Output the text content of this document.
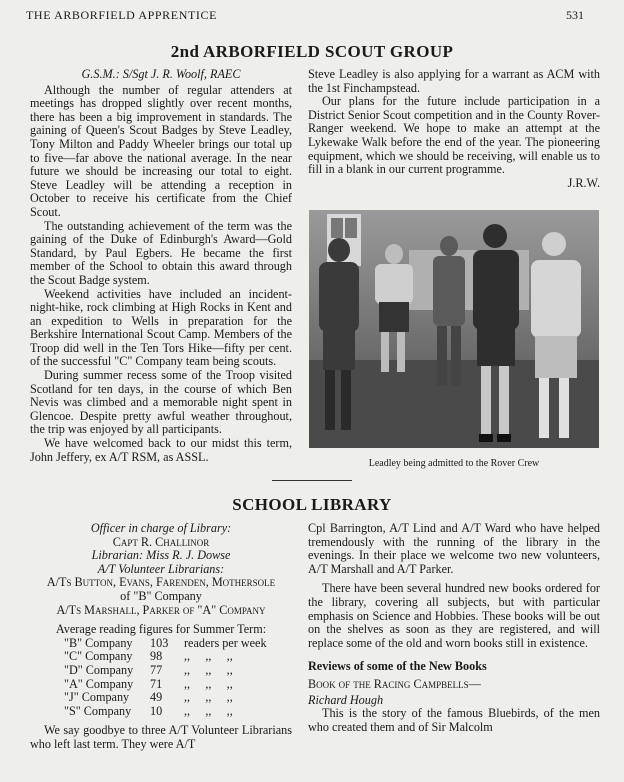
THE ARBORFIELD APPRENTICE	531
2nd ARBORFIELD SCOUT GROUP
G.S.M.: S/Sgt J. R. Woolf, RAEC

Although the number of regular attenders at meetings has dropped slightly over recent months, there has been a big improvement in standards. The gaining of Queen's Scout Badges by Steve Leadley, Tony Milton and Paddy Wheeler brings our total up to five—far above the national average. In the near future we should be increasing our total to eight. Steve Leadley will be attending a reception in October to receive his certificate from the Chief Scout.

The outstanding achievement of the term was the gaining of the Duke of Edinburgh's Award—Gold Standard, by Paul Egbers. He became the first member of the School to obtain this award through the Scout Badge system.

Weekend activities have included an incident-night-hike, rock climbing at High Rocks in Kent and an expedition to Wells in preparation for the Berkshire International Scout Camp. Members of the Troop did well in the Ten Tors Hike—fifty per cent. of the successful "C" Company team being scouts.

During summer recess some of the Troop visited Scotland for ten days, in the course of which Ben Nevis was climbed and a memorable night spent in Glencoe. Despite pretty awful weather throughout, the trip was enjoyed by all participants.

We have welcomed back to our midst this term, John Jeffery, ex A/T RSM, as ASSL.

Steve Leadley is also applying for a warrant as ACM with the 1st Finchampstead.

Our plans for the future include participation in a District Senior Scout competition and in the County Rover-Ranger weekend. We hope to make an attempt at the Lykewake Walk before the end of the year. The pioneering equipment, which we should be receiving, will enable us to fill in a blank in our current programme.

J.R.W.
Leadley being admitted to the Rover Crew
SCHOOL LIBRARY
Officer in charge of Library:
Capt R. Challinor
Librarian: Miss R. J. Dowse
A/T Volunteer Librarians:
A/Ts Button, Evans, Farenden, Mothersole
of "B" Company
A/Ts Marshall, Parker of "A" Company
Average reading figures for Summer Term:
"B" Company	103	readers per week
"C" Company	98	,,     ,,     ,,
"D" Company	77	,,     ,,     ,,
"A" Company	71	,,     ,,     ,,
"J" Company	49	,,     ,,     ,,
"S" Company	10	,,     ,,     ,,

We say goodbye to three A/T Volunteer Librarians who left last term. They were A/T

Cpl Barrington, A/T Lind and A/T Ward who have helped tremendously with the running of the library in the evenings. In their place we welcome two new volunteers, A/T Marshall and A/T Parker.

There have been several hundred new books ordered for the library, covering all subjects, but with particular emphasis on Science and Hobbies. These books will be out on the shelves as soon as they are registered, and will replace some of the old and worn books still in existence.

Reviews of some of the New Books

Book of the Racing Campbells—

Richard Hough

This is the story of the famous Bluebirds, of the men who created them and of Sir Malcolm
